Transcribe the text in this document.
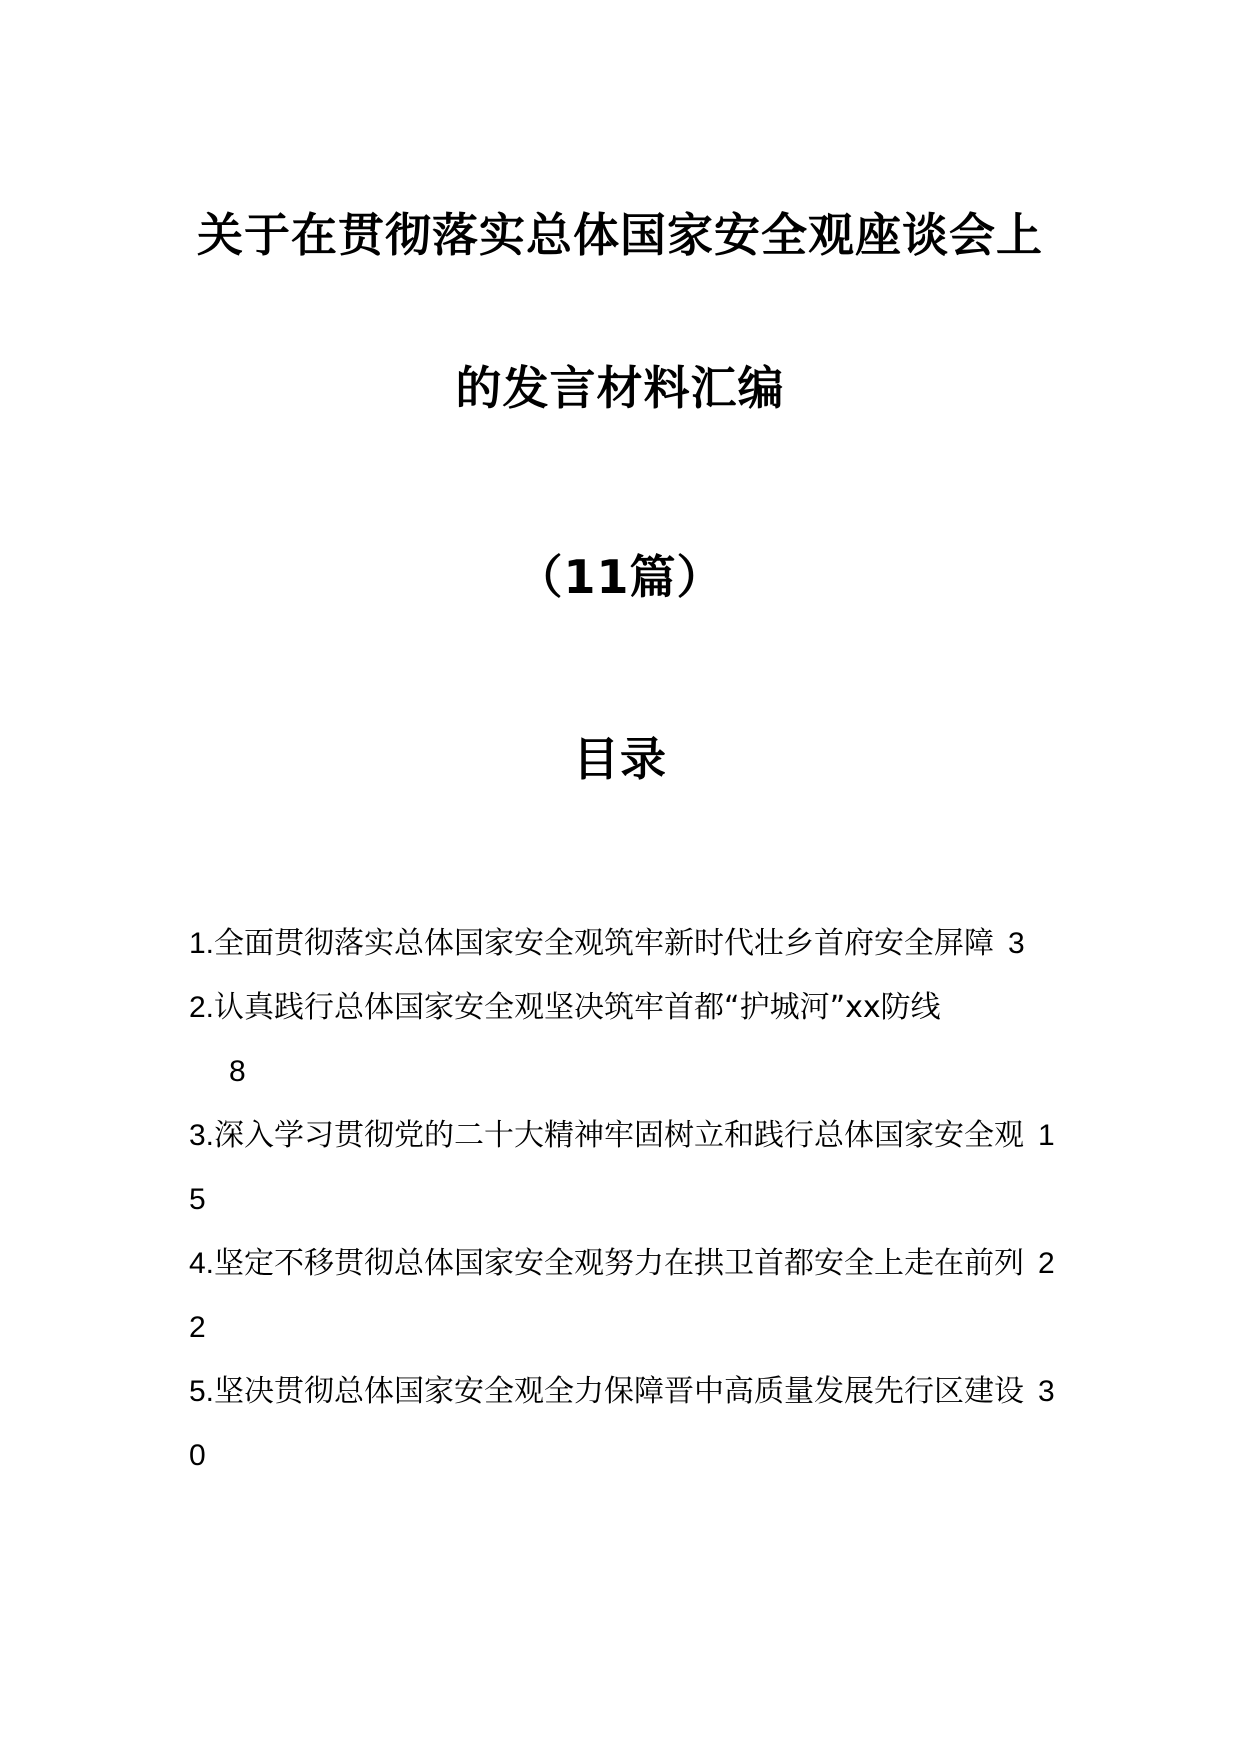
关于在贯彻落实总体国家安全观座谈会上
的发言材料汇编
（11篇）
目录
1.全面贯彻落实总体国家安全观筑牢新时代壮乡首府安全屏障 3
2.认真践行总体国家安全观坚决筑牢首都“护城河”xx防线
8
3.深入学习贯彻党的二十大精神牢固树立和践行总体国家安全观 15
4.坚定不移贯彻总体国家安全观努力在拱卫首都安全上走在前列 22
5.坚决贯彻总体国家安全观全力保障晋中高质量发展先行区建设 30
